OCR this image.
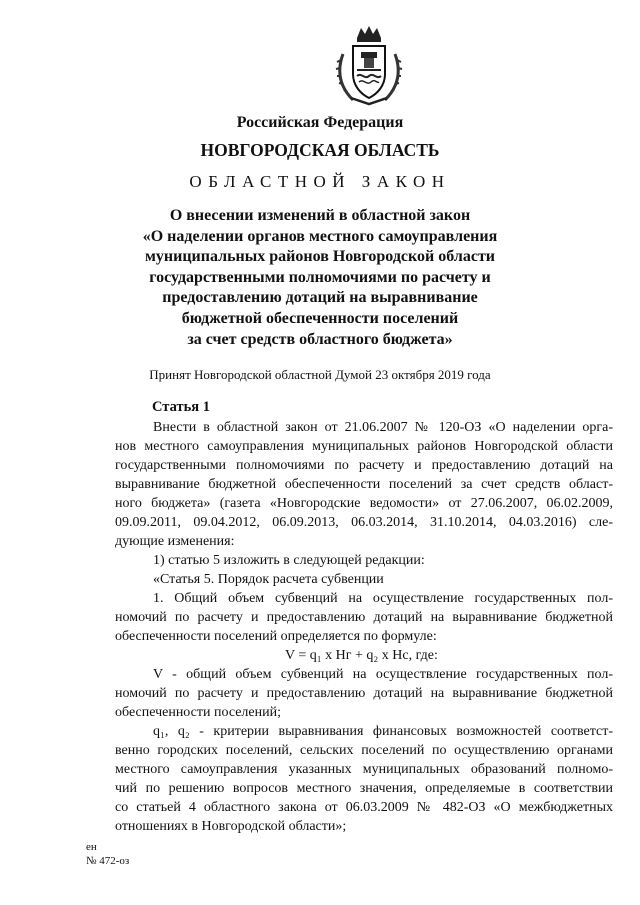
Российская Федерация
НОВГОРОДСКАЯ ОБЛАСТЬ
ОБЛАСТНОЙ ЗАКОН
О внесении изменений в областной закон
«О наделении органов местного самоуправления
муниципальных районов Новгородской области
государственными полномочиями по расчету и
предоставлению дотаций на выравнивание
бюджетной обеспеченности поселений
за счет средств областного бюджета»
Принят Новгородской областной Думой 23 октября 2019 года
Статья 1
Внести в областной закон от 21.06.2007 № 120-ОЗ «О наделении орга-
нов местного самоуправления муниципальных районов Новгородской области
государственными полномочиями по расчету и предоставлению дотаций на
выравнивание бюджетной обеспеченности поселений за счет средств област-
ного бюджета» (газета «Новгородские ведомости» от 27.06.2007, 06.02.2009,
09.09.2011, 09.04.2012, 06.09.2013, 06.03.2014, 31.10.2014, 04.03.2016) сле-
дующие изменения:
1) статью 5 изложить в следующей редакции:
«Статья 5. Порядок расчета субвенции
1. Общий объем субвенций на осуществление государственных пол-
номочий по расчету и предоставлению дотаций на выравнивание бюджетной
обеспеченности поселений определяется по формуле:
V = q₁ x Hг + q₂ x Hс, где:
V - общий объем субвенций на осуществление государственных пол-
номочий по расчету и предоставлению дотаций на выравнивание бюджетной
обеспеченности поселений;
q₁, q₂ - критерии выравнивания финансовых возможностей соответст-
венно городских поселений, сельских поселений по осуществлению органами
местного самоуправления указанных муниципальных образований полномо-
чий по решению вопросов местного значения, определяемые в соответствии
со статьей 4 областного закона от 06.03.2009 № 482-ОЗ «О межбюджетных
отношениях в Новгородской области»;
ен
№ 472-оз
